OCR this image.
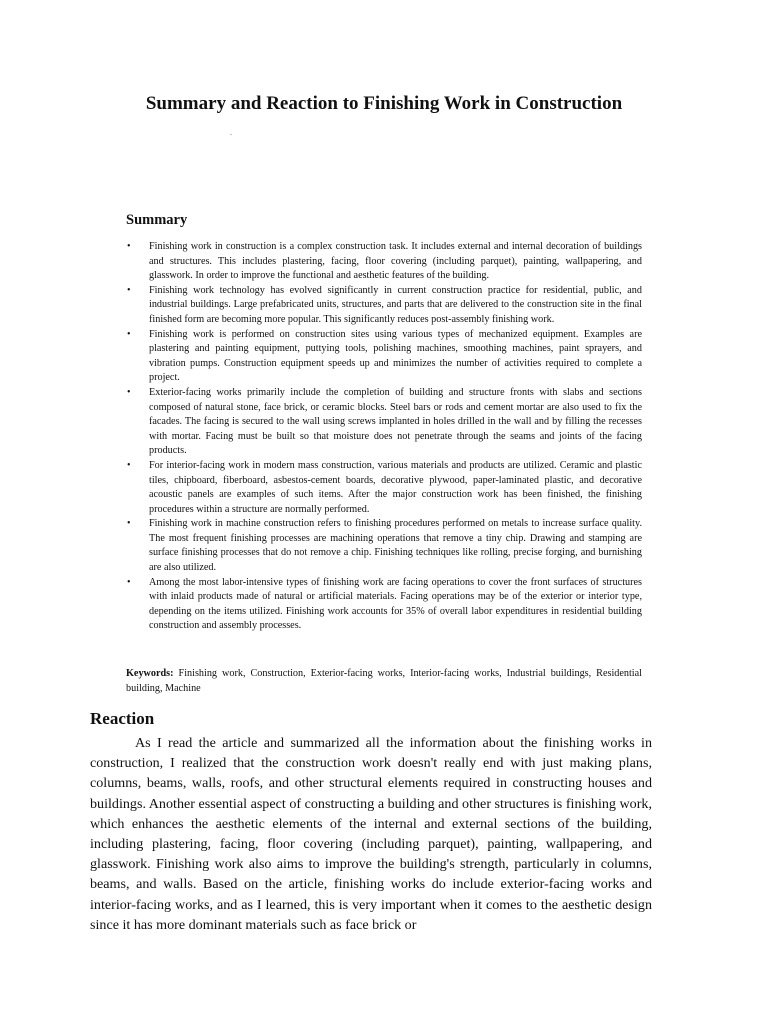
Summary and Reaction to Finishing Work in Construction
.
Summary
• Finishing work in construction is a complex construction task. It includes external and internal decoration of buildings and structures. This includes plastering, facing, floor covering (including parquet), painting, wallpapering, and glasswork. In order to improve the functional and aesthetic features of the building.
• Finishing work technology has evolved significantly in current construction practice for residential, public, and industrial buildings. Large prefabricated units, structures, and parts that are delivered to the construction site in the final finished form are becoming more popular. This significantly reduces post-assembly finishing work.
• Finishing work is performed on construction sites using various types of mechanized equipment. Examples are plastering and painting equipment, puttying tools, polishing machines, smoothing machines, paint sprayers, and vibration pumps. Construction equipment speeds up and minimizes the number of activities required to complete a project.
• Exterior-facing works primarily include the completion of building and structure fronts with slabs and sections composed of natural stone, face brick, or ceramic blocks. Steel bars or rods and cement mortar are also used to fix the facades. The facing is secured to the wall using screws implanted in holes drilled in the wall and by filling the recesses with mortar. Facing must be built so that moisture does not penetrate through the seams and joints of the facing products.
• For interior-facing work in modern mass construction, various materials and products are utilized. Ceramic and plastic tiles, chipboard, fiberboard, asbestos-cement boards, decorative plywood, paper-laminated plastic, and decorative acoustic panels are examples of such items. After the major construction work has been finished, the finishing procedures within a structure are normally performed.
• Finishing work in machine construction refers to finishing procedures performed on metals to increase surface quality. The most frequent finishing processes are machining operations that remove a tiny chip. Drawing and stamping are surface finishing processes that do not remove a chip. Finishing techniques like rolling, precise forging, and burnishing are also utilized.
• Among the most labor-intensive types of finishing work are facing operations to cover the front surfaces of structures with inlaid products made of natural or artificial materials. Facing operations may be of the exterior or interior type, depending on the items utilized. Finishing work accounts for 35% of overall labor expenditures in residential building construction and assembly processes.

Keywords: Finishing work, Construction, Exterior-facing works, Interior-facing works, Industrial buildings, Residential building, Machine

Reaction

As I read the article and summarized all the information about the finishing works in construction, I realized that the construction work doesn't really end with just making plans, columns, beams, walls, roofs, and other structural elements required in constructing houses and buildings. Another essential aspect of constructing a building and other structures is finishing work, which enhances the aesthetic elements of the internal and external sections of the building, including plastering, facing, floor covering (including parquet), painting, wallpapering, and glasswork. Finishing work also aims to improve the building's strength, particularly in columns, beams, and walls. Based on the article, finishing works do include exterior-facing works and interior-facing works, and as I learned, this is very important when it comes to the aesthetic design since it has more dominant materials such as face brick or
